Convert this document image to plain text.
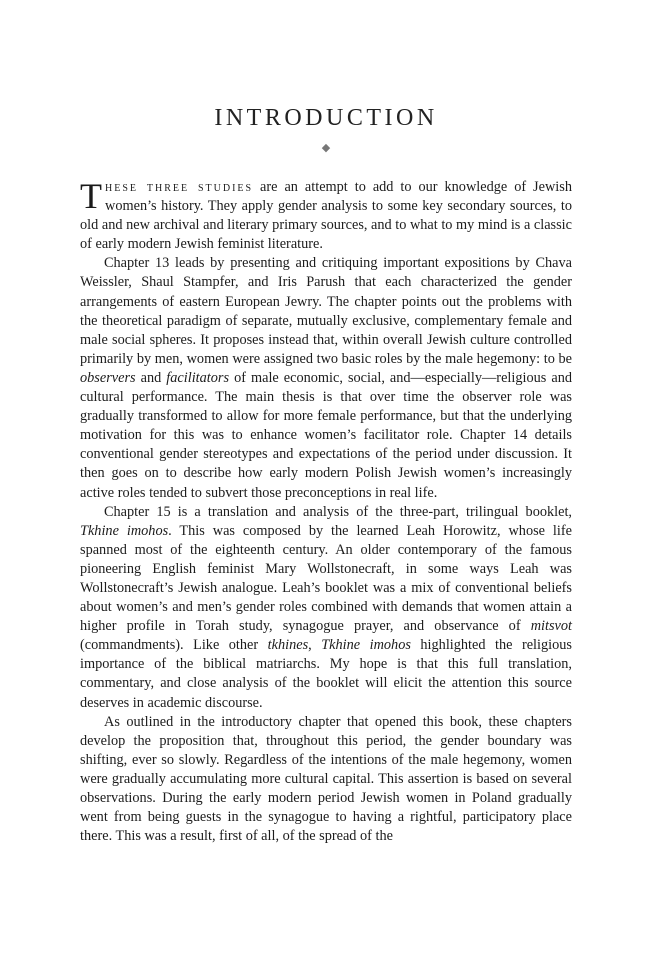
INTRODUCTION
◆

These three studies are an attempt to add to our knowledge of Jewish women’s history. They apply gender analysis to some key secondary sources, to old and new archival and literary primary sources, and to what to my mind is a classic of early modern Jewish feminist literature.

Chapter 13 leads by presenting and critiquing important expositions by Chava Weissler, Shaul Stampfer, and Iris Parush that each characterized the gender arrangements of eastern European Jewry. The chapter points out the problems with the theoretical paradigm of separate, mutually exclusive, complementary female and male social spheres. It proposes instead that, within overall Jewish culture controlled primarily by men, women were assigned two basic roles by the male hegemony: to be observers and facilitators of male economic, social, and—especially—religious and cultural performance. The main thesis is that over time the observer role was gradually transformed to allow for more female performance, but that the underlying motivation for this was to enhance women’s facilitator role. Chapter 14 details conventional gender stereotypes and expectations of the period under discussion. It then goes on to describe how early modern Polish Jewish women’s increasingly active roles tended to subvert those preconceptions in real life.

Chapter 15 is a translation and analysis of the three-part, trilingual booklet, Tkhine imohos. This was composed by the learned Leah Horowitz, whose life spanned most of the eighteenth century. An older contemporary of the famous pioneering English feminist Mary Wollstonecraft, in some ways Leah was Wollstonecraft’s Jewish analogue. Leah’s booklet was a mix of conventional beliefs about women’s and men’s gender roles combined with demands that women attain a higher profile in Torah study, synagogue prayer, and observance of mitsvot (commandments). Like other tkhines, Tkhine imohos highlighted the religious importance of the biblical matriarchs. My hope is that this full translation, commentary, and close analysis of the booklet will elicit the attention this source deserves in academic discourse.

As outlined in the introductory chapter that opened this book, these chapters develop the proposition that, throughout this period, the gender boundary was shifting, ever so slowly. Regardless of the intentions of the male hegemony, women were gradually accumulating more cultural capital. This assertion is based on several observations. During the early modern period Jewish women in Poland gradually went from being guests in the synagogue to having a rightful, participatory place there. This was a result, first of all, of the spread of the
